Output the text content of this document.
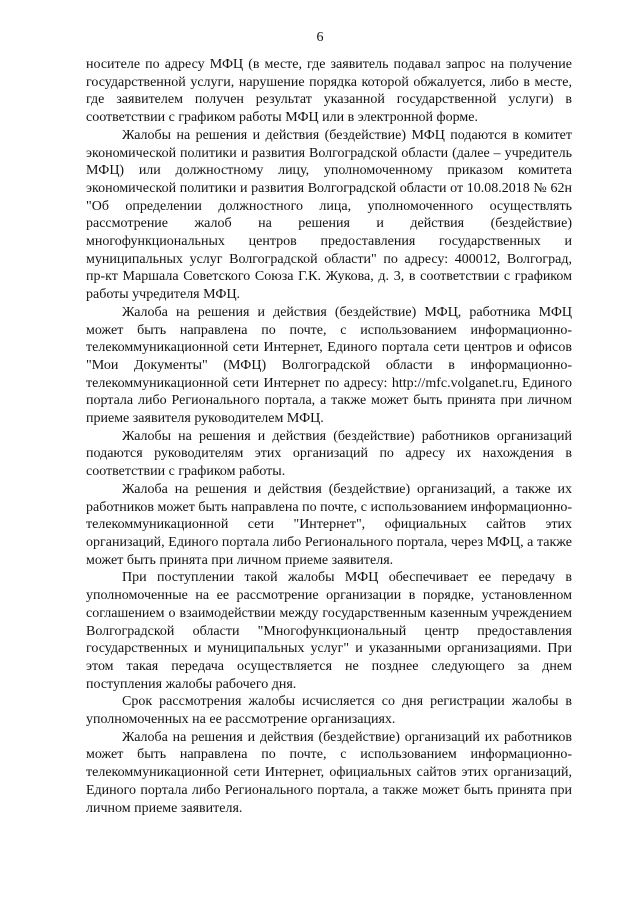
6

носителе по адресу МФЦ (в месте, где заявитель подавал запрос на получение государственной услуги, нарушение порядка которой обжалуется, либо в месте, где заявителем получен результат указанной государственной услуги) в соответствии с графиком работы МФЦ или в электронной форме.

Жалобы на решения и действия (бездействие) МФЦ подаются в комитет экономической политики и развития Волгоградской области (далее – учредитель МФЦ) или должностному лицу, уполномоченному приказом комитета экономической политики и развития Волгоградской области от 10.08.2018 № 62н "Об определении должностного лица, уполномоченного осуществлять рассмотрение жалоб на решения и действия (бездействие) многофункциональных центров предоставления государственных и муниципальных услуг Волгоградской области" по адресу: 400012, Волгоград, пр-кт Маршала Советского Союза Г.К. Жукова, д. 3, в соответствии с графиком работы учредителя МФЦ.

Жалоба на решения и действия (бездействие) МФЦ, работника МФЦ может быть направлена по почте, с использованием информационно-телекоммуникационной сети Интернет, Единого портала сети центров и офисов "Мои Документы" (МФЦ) Волгоградской области в информационно-телекоммуникационной сети Интернет по адресу: http://mfc.volganet.ru, Единого портала либо Регионального портала, а также может быть принята при личном приеме заявителя руководителем МФЦ.

Жалобы на решения и действия (бездействие) работников организаций подаются руководителям этих организаций по адресу их нахождения в соответствии с графиком работы.

Жалоба на решения и действия (бездействие) организаций, а также их работников может быть направлена по почте, с использованием информационно-телекоммуникационной сети "Интернет", официальных сайтов этих организаций, Единого портала либо Регионального портала, через МФЦ, а также может быть принята при личном приеме заявителя.

При поступлении такой жалобы МФЦ обеспечивает ее передачу в уполномоченные на ее рассмотрение организации в порядке, установленном соглашением о взаимодействии между государственным казенным учреждением Волгоградской области "Многофункциональный центр предоставления государственных и муниципальных услуг" и указанными организациями. При этом такая передача осуществляется не позднее следующего за днем поступления жалобы рабочего дня.

Срок рассмотрения жалобы исчисляется со дня регистрации жалобы в уполномоченных на ее рассмотрение организациях.

Жалоба на решения и действия (бездействие) организаций их работников может быть направлена по почте, с использованием информационно-телекоммуникационной сети Интернет, официальных сайтов этих организаций, Единого портала либо Регионального портала, а также может быть принята при личном приеме заявителя.
